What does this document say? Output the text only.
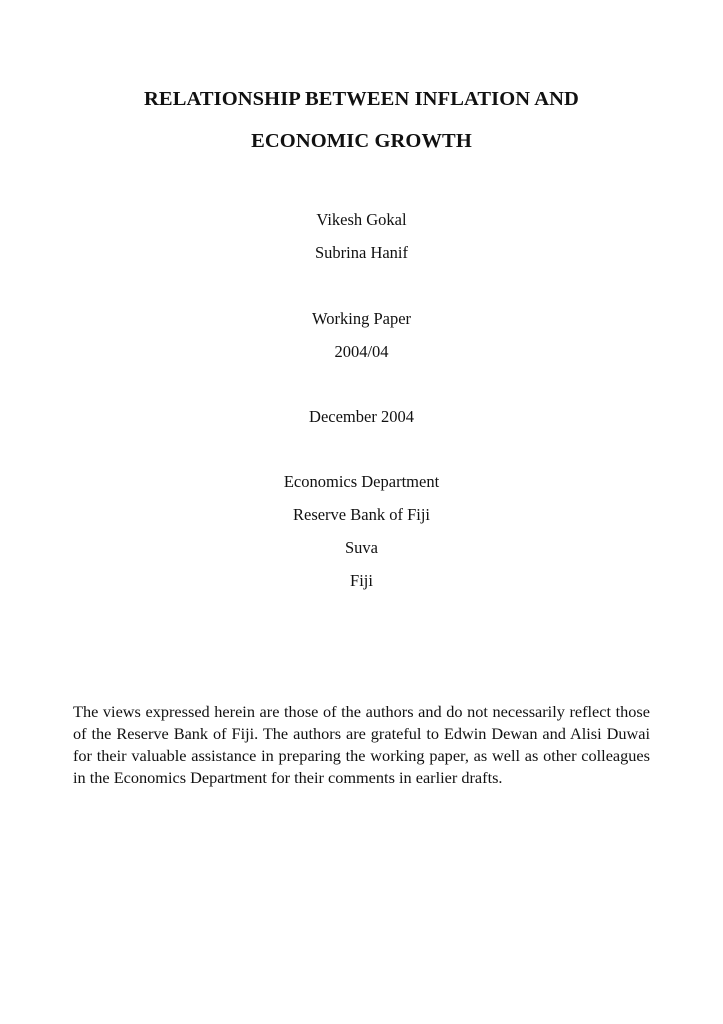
RELATIONSHIP BETWEEN INFLATION AND
ECONOMIC GROWTH
Vikesh Gokal
Subrina Hanif
Working Paper
2004/04
December 2004
Economics Department
Reserve Bank of Fiji
Suva
Fiji

The views expressed herein are those of the authors and do not necessarily reflect those of the Reserve Bank of Fiji. The authors are grateful to Edwin Dewan and Alisi Duwai for their valuable assistance in preparing the working paper, as well as other colleagues in the Economics Department for their comments in earlier drafts.
